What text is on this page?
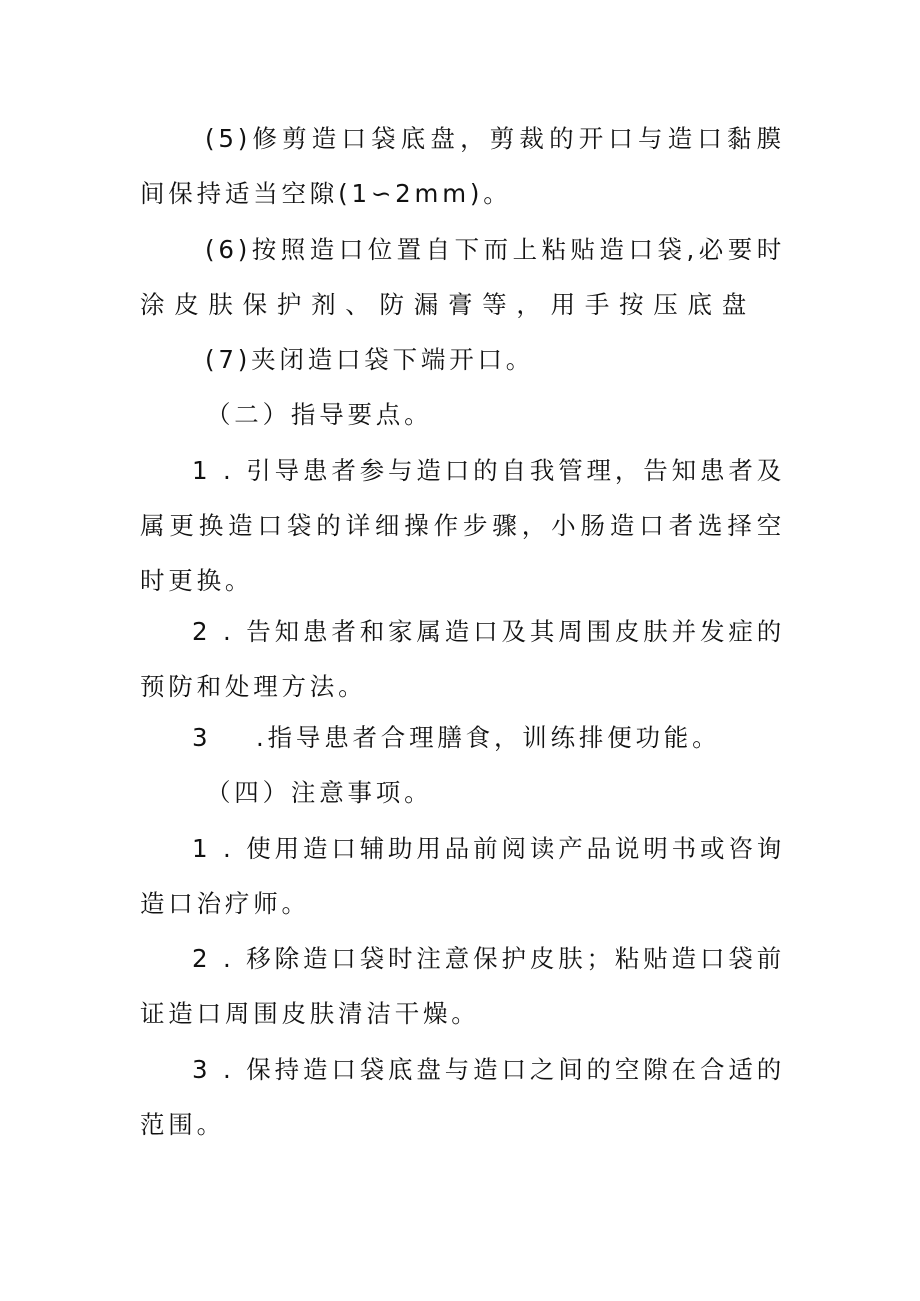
(5)修剪造口袋底盘，剪裁的开口与造口黏膜
间保持适当空隙(1∽2mm)。
(6)按照造口位置自下而上粘贴造口袋,必要时
涂皮肤保护剂、防漏膏等，用手按压底盘
(7)夹闭造口袋下端开口。
（二）指导要点。
1 . 引导患者参与造口的自我管理，告知患者及
属更换造口袋的详细操作步骤，小肠造口者选择空
时更换。
2 . 告知患者和家属造口及其周围皮肤并发症的
预防和处理方法。
3 .指导患者合理膳食，训练排便功能。
（四）注意事项。
1 . 使用造口辅助用品前阅读产品说明书或咨询
造口治疗师。
2 . 移除造口袋时注意保护皮肤；粘贴造口袋前
证造口周围皮肤清洁干燥。
3 . 保持造口袋底盘与造口之间的空隙在合适的
范围。
